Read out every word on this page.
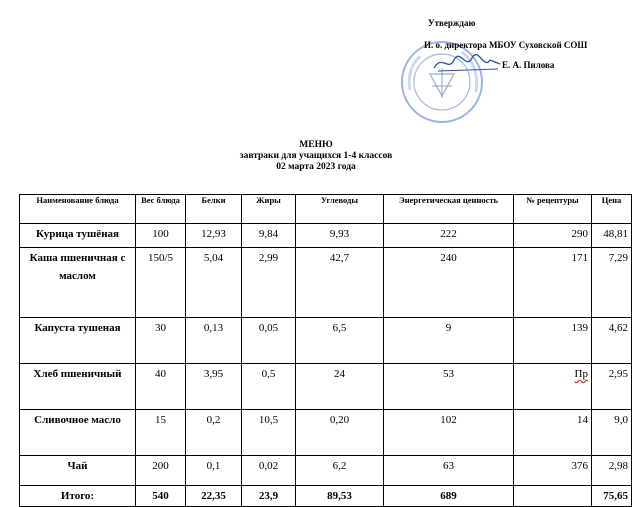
Утверждаю
И. о. директора МБОУ Суховской СОШ
Е. А. Пилова
МЕНЮ
завтраки для учащихся 1-4 классов
02 марта 2023 года
Наименование блюда	Вес блюда	Белки	Жиры	Углеводы	Энергетическая ценность	№ рецептуры	Цена
Курица тушёная	100	12,93	9,84	9,93	222	290	48,81
Каша пшеничная с маслом	150/5	5,04	2,99	42,7	240	171	7,29
Капуста тушеная	30	0,13	0,05	6,5	9	139	4,62
Хлеб пшеничный	40	3,95	0,5	24	53	Пр	2,95
Сливочное масло	15	0,2	10,5	0,20	102	14	9,0
Чай	200	0,1	0,02	6,2	63	376	2,98
Итого:	540	22,35	23,9	89,53	689		75,65
